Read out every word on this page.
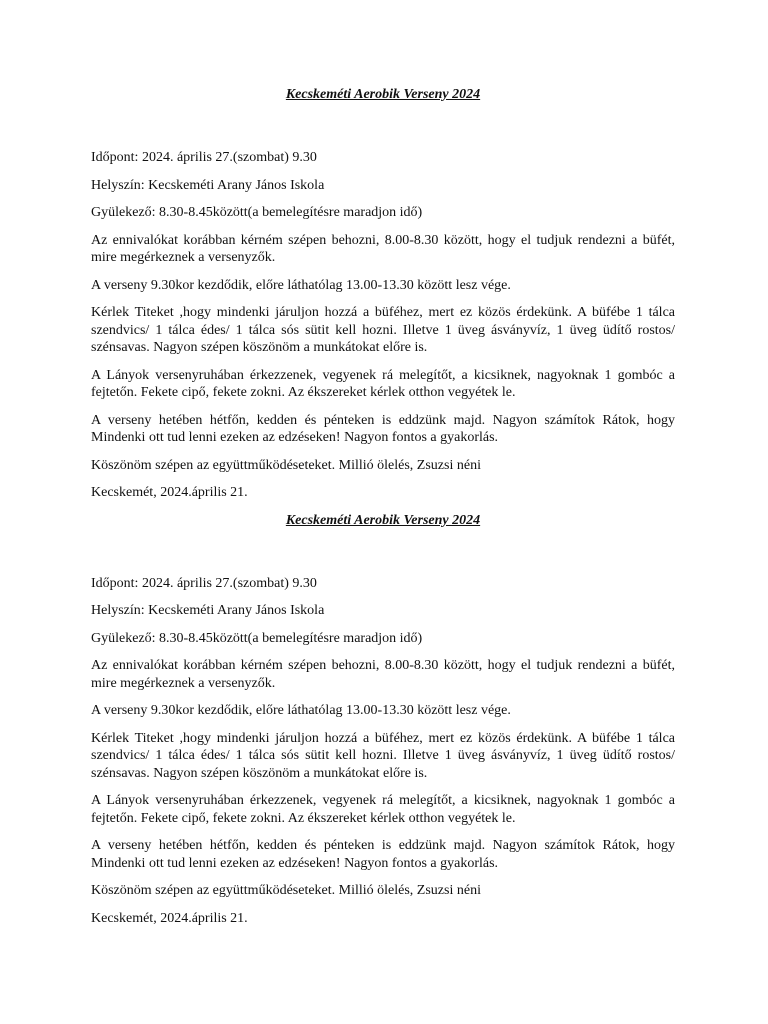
Kecskeméti Aerobik Verseny 2024

Időpont: 2024. április 27.(szombat) 9.30

Helyszín: Kecskeméti Arany János Iskola

Gyülekező: 8.30-8.45között(a bemelegítésre maradjon idő)

Az ennivalókat korábban kérném szépen behozni, 8.00-8.30 között, hogy el tudjuk rendezni a büfét, mire megérkeznek a versenyzők.

A verseny 9.30kor kezdődik, előre láthatólag 13.00-13.30 között lesz vége.

Kérlek Titeket ,hogy mindenki járuljon hozzá a büféhez, mert ez közös érdekünk. A büfébe 1 tálca szendvics/ 1 tálca édes/ 1 tálca sós sütit kell hozni. Illetve 1 üveg ásványvíz, 1 üveg üdítő rostos/ szénsavas. Nagyon szépen köszönöm a munkátokat előre is.

A Lányok versenyruhában érkezzenek, vegyenek rá melegítőt, a kicsiknek, nagyoknak 1 gombóc a fejtetőn. Fekete cipő, fekete zokni. Az ékszereket kérlek otthon vegyétek le.

A verseny hetében hétfőn, kedden és pénteken is eddzünk majd. Nagyon számítok Rátok, hogy Mindenki ott tud lenni ezeken az edzéseken! Nagyon fontos a gyakorlás.

Köszönöm szépen az együttműködéseteket. Millió ölelés, Zsuzsi néni

Kecskemét, 2024.április 21.

Kecskeméti Aerobik Verseny 2024

Időpont: 2024. április 27.(szombat) 9.30

Helyszín: Kecskeméti Arany János Iskola

Gyülekező: 8.30-8.45között(a bemelegítésre maradjon idő)

Az ennivalókat korábban kérném szépen behozni, 8.00-8.30 között, hogy el tudjuk rendezni a büfét, mire megérkeznek a versenyzők.

A verseny 9.30kor kezdődik, előre láthatólag 13.00-13.30 között lesz vége.

Kérlek Titeket ,hogy mindenki járuljon hozzá a büféhez, mert ez közös érdekünk. A büfébe 1 tálca szendvics/ 1 tálca édes/ 1 tálca sós sütit kell hozni. Illetve 1 üveg ásványvíz, 1 üveg üdítő rostos/ szénsavas. Nagyon szépen köszönöm a munkátokat előre is.

A Lányok versenyruhában érkezzenek, vegyenek rá melegítőt, a kicsiknek, nagyoknak 1 gombóc a fejtetőn. Fekete cipő, fekete zokni. Az ékszereket kérlek otthon vegyétek le.

A verseny hetében hétfőn, kedden és pénteken is eddzünk majd. Nagyon számítok Rátok, hogy Mindenki ott tud lenni ezeken az edzéseken! Nagyon fontos a gyakorlás.

Köszönöm szépen az együttműködéseteket. Millió ölelés, Zsuzsi néni

Kecskemét, 2024.április 21.
